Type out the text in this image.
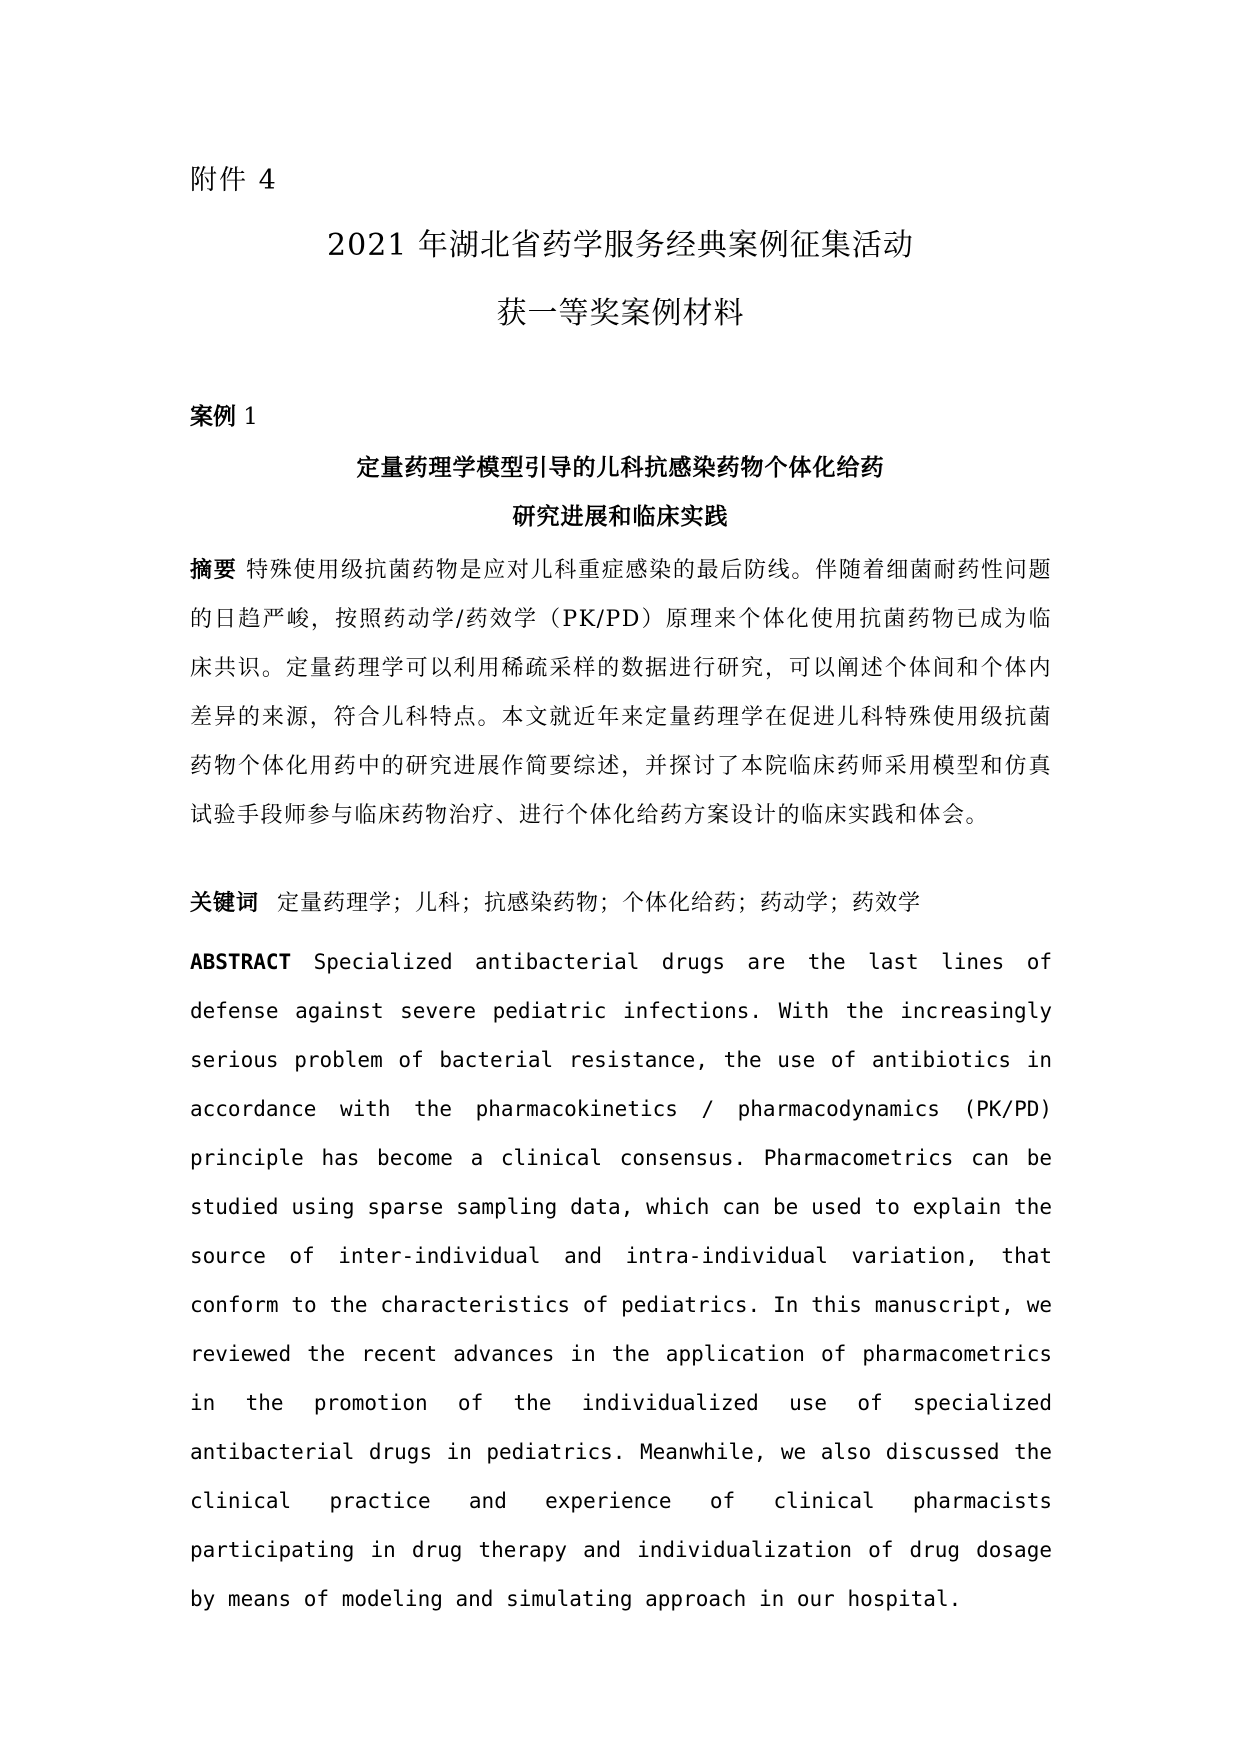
附件 4
2021 年湖北省药学服务经典案例征集活动
获一等奖案例材料
案例 1
定量药理学模型引导的儿科抗感染药物个体化给药
研究进展和临床实践
摘要 特殊使用级抗菌药物是应对儿科重症感染的最后防线。伴随着细菌耐药性问题的日趋严峻，按照药动学/药效学（PK/PD）原理来个体化使用抗菌药物已成为临床共识。定量药理学可以利用稀疏采样的数据进行研究，可以阐述个体间和个体内差异的来源，符合儿科特点。本文就近年来定量药理学在促进儿科特殊使用级抗菌药物个体化用药中的研究进展作简要综述，并探讨了本院临床药师采用模型和仿真试验手段师参与临床药物治疗、进行个体化给药方案设计的临床实践和体会。
关键词 定量药理学；儿科；抗感染药物；个体化给药；药动学；药效学
ABSTRACT Specialized antibacterial drugs are the last lines of defense against severe pediatric infections. With the increasingly serious problem of bacterial resistance, the use of antibiotics in accordance with the pharmacokinetics / pharmacodynamics (PK/PD) principle has become a clinical consensus. Pharmacometrics can be studied using sparse sampling data, which can be used to explain the source of inter-individual and intra-individual variation, that conform to the characteristics of pediatrics. In this manuscript, we reviewed the recent advances in the application of pharmacometrics in the promotion of the individualized use of specialized antibacterial drugs in pediatrics. Meanwhile, we also discussed the clinical practice and experience of clinical pharmacists participating in drug therapy and individualization of drug dosage by means of modeling and simulating approach in our hospital.
